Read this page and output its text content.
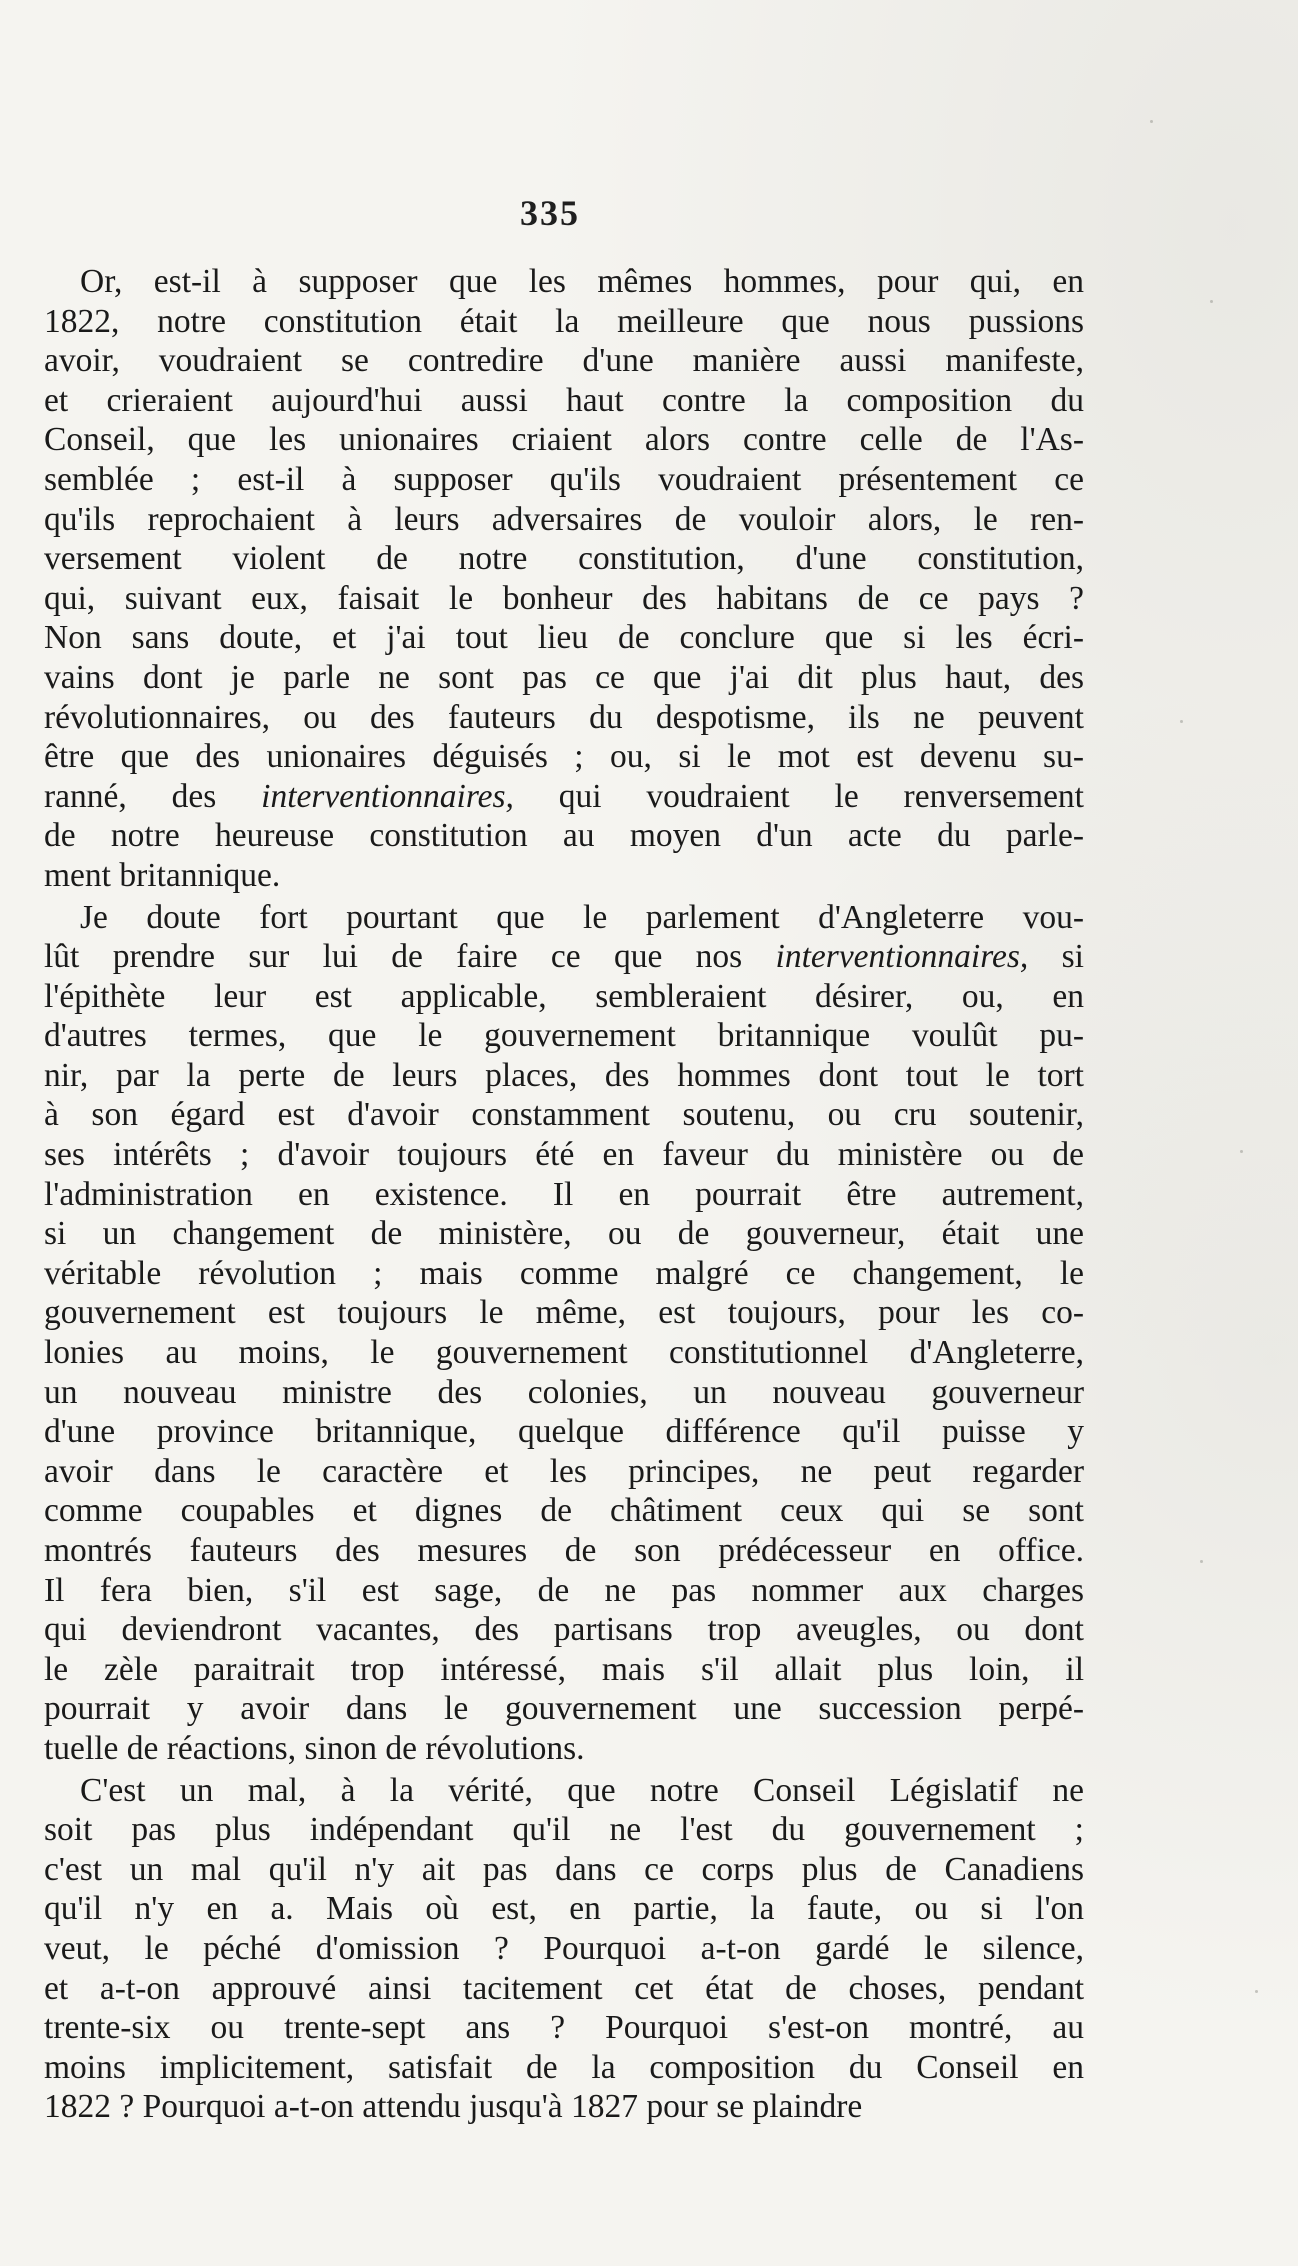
335
Or, est-il à supposer que les mêmes hommes, pour qui, en
1822, notre constitution était la meilleure que nous pussions
avoir, voudraient se contredire d'une manière aussi manifeste,
et crieraient aujourd'hui aussi haut contre la composition du
Conseil, que les unionaires criaient alors contre celle de l'As-
semblée ; est-il à supposer qu'ils voudraient présentement ce
qu'ils reprochaient à leurs adversaires de vouloir alors, le ren-
versement violent de notre constitution, d'une constitution,
qui, suivant eux, faisait le bonheur des habitans de ce pays ?
Non sans doute, et j'ai tout lieu de conclure que si les écri-
vains dont je parle ne sont pas ce que j'ai dit plus haut, des
révolutionnaires, ou des fauteurs du despotisme, ils ne peuvent
être que des unionaires déguisés ; ou, si le mot est devenu su-
ranné, des interventionnaires, qui voudraient le renversement
de notre heureuse constitution au moyen d'un acte du parle-
ment britannique.
Je doute fort pourtant que le parlement d'Angleterre vou-
lût prendre sur lui de faire ce que nos interventionnaires, si
l'épithète leur est applicable, sembleraient désirer, ou, en
d'autres termes, que le gouvernement britannique voulût pu-
nir, par la perte de leurs places, des hommes dont tout le tort
à son égard est d'avoir constamment soutenu, ou cru soutenir,
ses intérêts ; d'avoir toujours été en faveur du ministère ou de
l'administration en existence. Il en pourrait être autrement,
si un changement de ministère, ou de gouverneur, était une
véritable révolution ; mais comme malgré ce changement, le
gouvernement est toujours le même, est toujours, pour les co-
lonies au moins, le gouvernement constitutionnel d'Angleterre,
un nouveau ministre des colonies, un nouveau gouverneur
d'une province britannique, quelque différence qu'il puisse y
avoir dans le caractère et les principes, ne peut regarder
comme coupables et dignes de châtiment ceux qui se sont
montrés fauteurs des mesures de son prédécesseur en office.
Il fera bien, s'il est sage, de ne pas nommer aux charges
qui deviendront vacantes, des partisans trop aveugles, ou dont
le zèle paraitrait trop intéressé, mais s'il allait plus loin, il
pourrait y avoir dans le gouvernement une succession perpé-
tuelle de réactions, sinon de révolutions.
C'est un mal, à la vérité, que notre Conseil Législatif ne
soit pas plus indépendant qu'il ne l'est du gouvernement ;
c'est un mal qu'il n'y ait pas dans ce corps plus de Canadiens
qu'il n'y en a. Mais où est, en partie, la faute, ou si l'on
veut, le péché d'omission ? Pourquoi a-t-on gardé le silence,
et a-t-on approuvé ainsi tacitement cet état de choses, pendant
trente-six ou trente-sept ans ? Pourquoi s'est-on montré, au
moins implicitement, satisfait de la composition du Conseil en
1822 ? Pourquoi a-t-on attendu jusqu'à 1827 pour se plaindre
